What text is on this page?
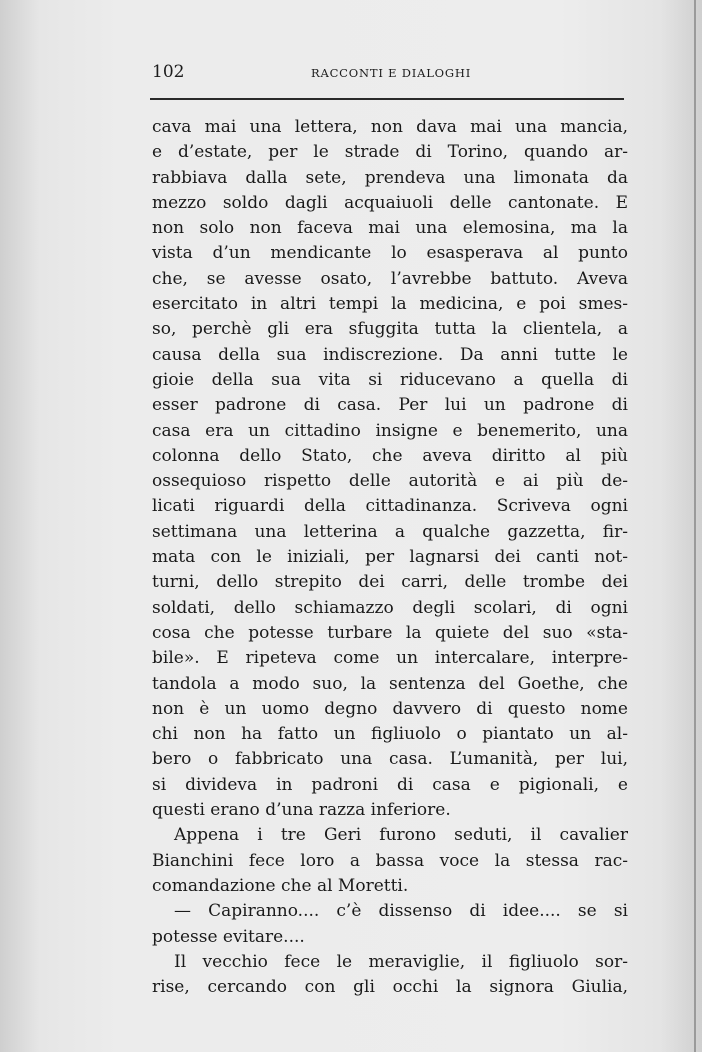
102	RACCONTI E DIALOGHI
cava mai una lettera, non dava mai una mancia,
e d’estate, per le strade di Torino, quando ar-
rabbiava dalla sete, prendeva una limonata da
mezzo soldo dagli acquaiuoli delle cantonate. E
non solo non faceva mai una elemosina, ma la
vista d’un mendicante lo esasperava al punto
che, se avesse osato, l’avrebbe battuto. Aveva
esercitato in altri tempi la medicina, e poi smes-
so, perchè gli era sfuggita tutta la clientela, a
causa della sua indiscrezione. Da anni tutte le
gioie della sua vita si riducevano a quella di
esser padrone di casa. Per lui un padrone di
casa era un cittadino insigne e benemerito, una
colonna dello Stato, che aveva diritto al più
ossequioso rispetto delle autorità e ai più de-
licati riguardi della cittadinanza. Scriveva ogni
settimana una letterina a qualche gazzetta, fir-
mata con le iniziali, per lagnarsi dei canti not-
turni, dello strepito dei carri, delle trombe dei
soldati, dello schiamazzo degli scolari, di ogni
cosa che potesse turbare la quiete del suo «sta-
bile». E ripeteva come un intercalare, interpre-
tandola a modo suo, la sentenza del Goethe, che
non è un uomo degno davvero di questo nome
chi non ha fatto un figliuolo o piantato un al-
bero o fabbricato una casa. L’umanità, per lui,
si divideva in padroni di casa e pigionali, e
questi erano d’una razza inferiore.
Appena i tre Geri furono seduti, il cavalier
Bianchini fece loro a bassa voce la stessa rac-
comandazione che al Moretti.
— Capiranno.... c’è dissenso di idee.... se si
potesse evitare....
Il vecchio fece le meraviglie, il figliuolo sor-
rise, cercando con gli occhi la signora Giulia,
